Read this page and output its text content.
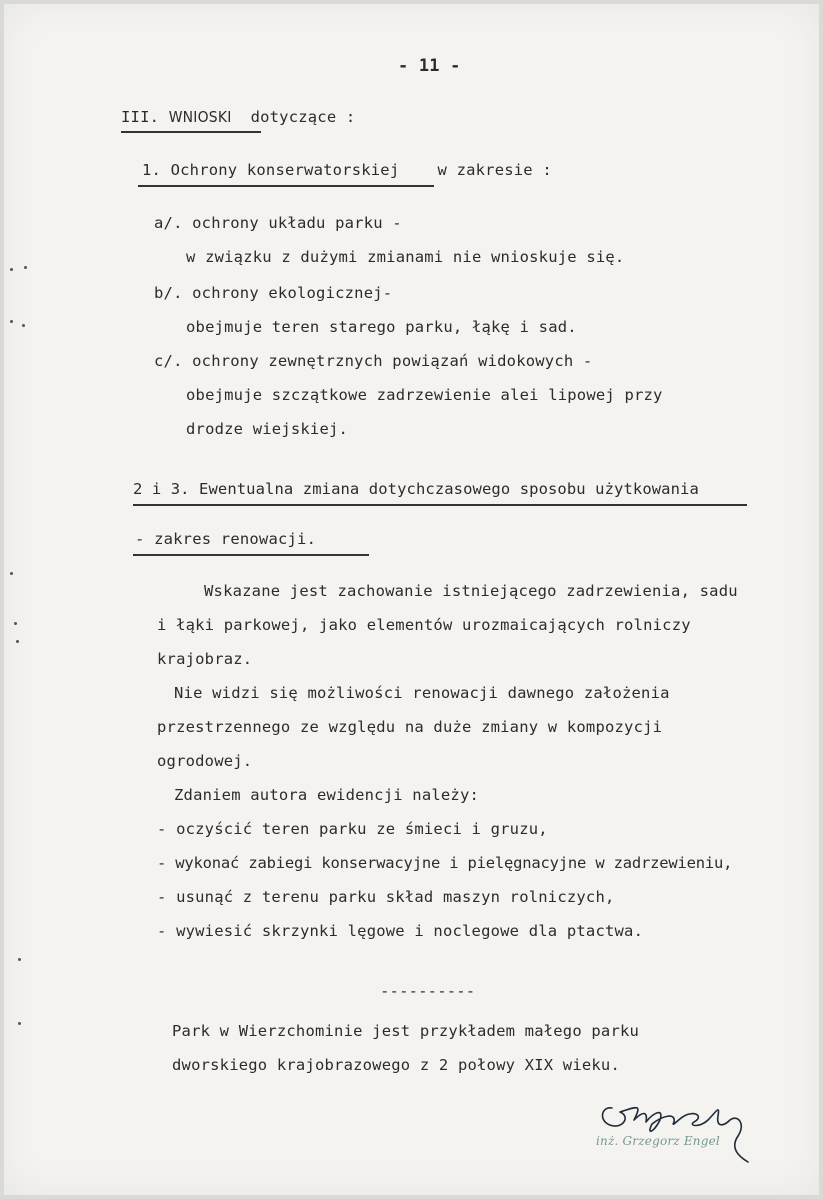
- 11 -
III. WNIOSKI dotyczące :
1. Ochrony konserwatorskiej w zakresie :
a/. ochrony układu parku -
w związku z dużymi zmianami nie wnioskuje się.
b/. ochrony ekologicznej-
obejmuje teren starego parku, łąkę i sad.
c/. ochrony zewnętrznych powiązań widokowych -
obejmuje szczątkowe zadrzewienie alei lipowej przy
drodze wiejskiej.
2 i 3. Ewentualna zmiana dotychczasowego sposobu użytkowania
- zakres renowacji.
Wskazane jest zachowanie istniejącego zadrzewienia, sadu
i łąki parkowej, jako elementów urozmaicających rolniczy
krajobraz.
Nie widzi się możliwości renowacji dawnego założenia
przestrzennego ze względu na duże zmiany w kompozycji
ogrodowej.
Zdaniem autora ewidencji należy:
- oczyścić teren parku ze śmieci i gruzu,
- wykonać zabiegi konserwacyjne i pielęgnacyjne w zadrzewieniu,
- usunąć z terenu parku skład maszyn rolniczych,
- wywiesić skrzynki lęgowe i noclegowe dla ptactwa.
----------
Park w Wierzchominie jest przykładem małego parku
dworskiego krajobrazowego z 2 połowy XIX wieku.
inż. Grzegorz Engel
